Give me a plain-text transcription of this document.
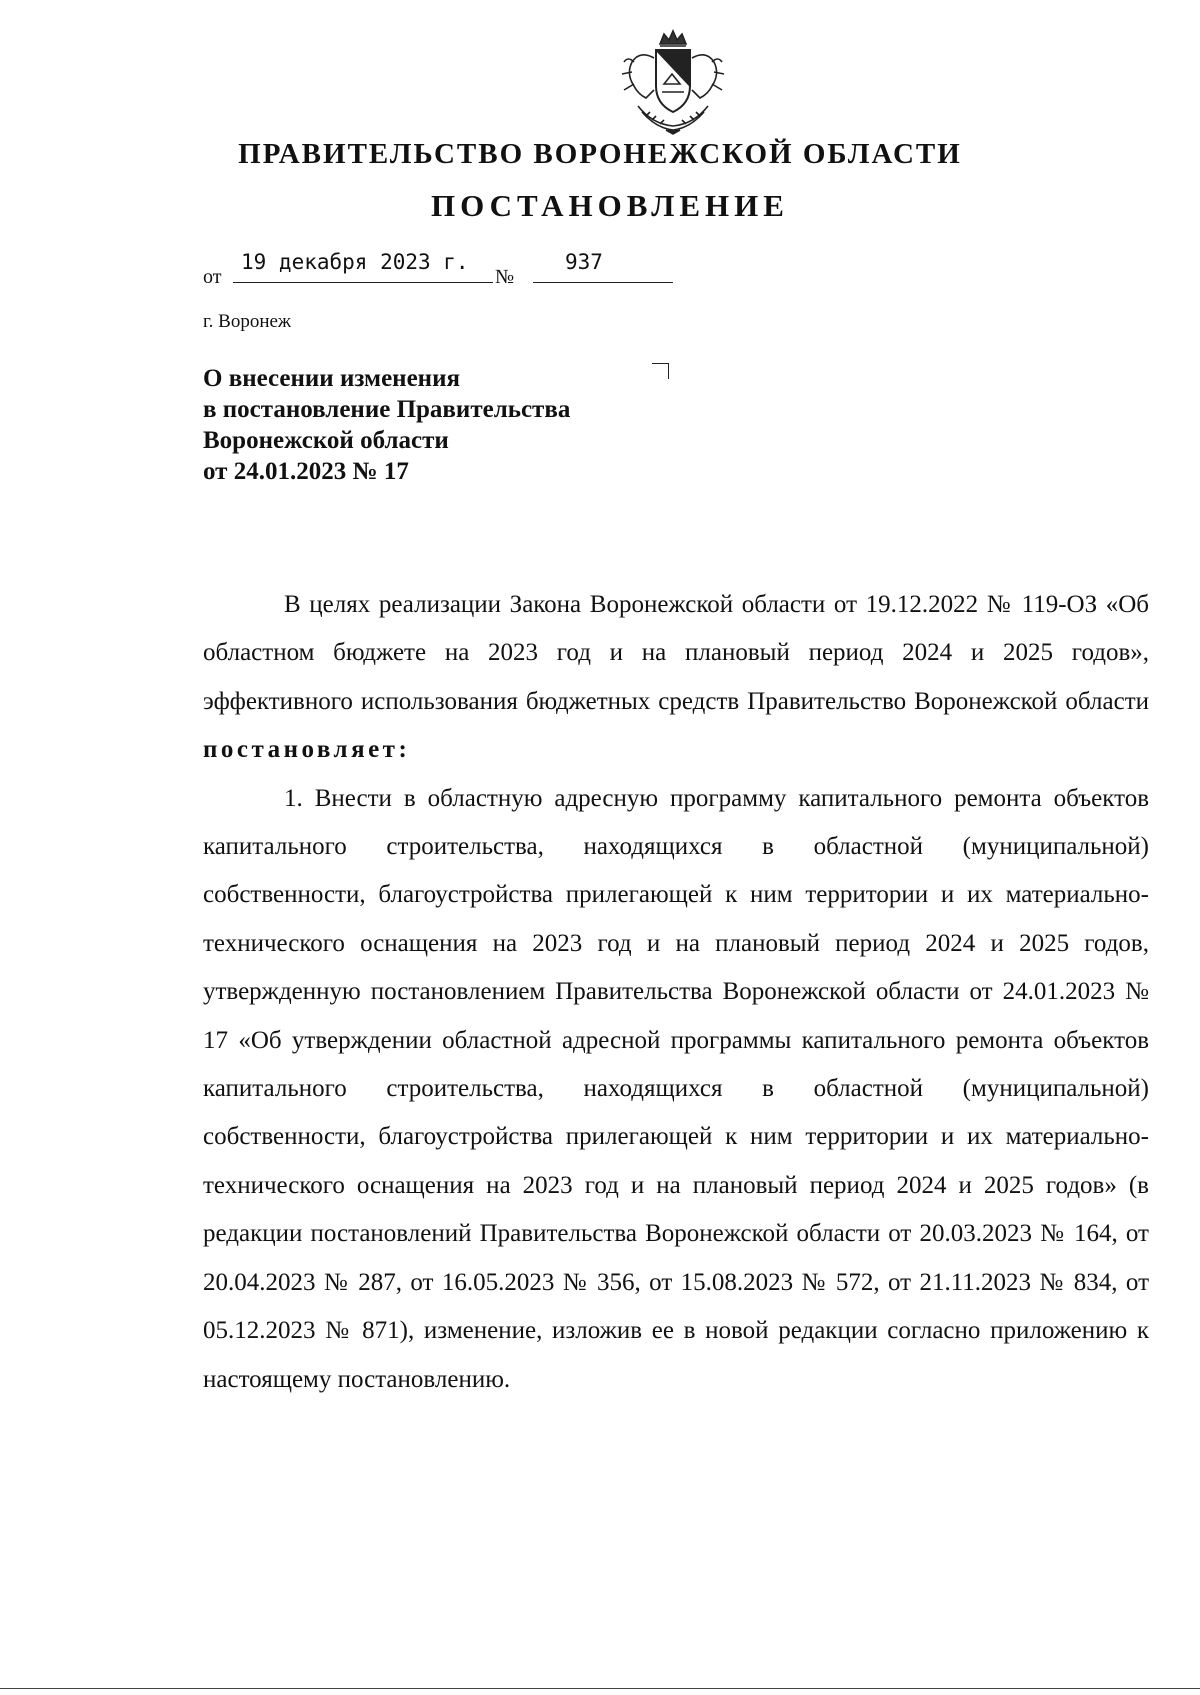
ПРАВИТЕЛЬСТВО ВОРОНЕЖСКОЙ ОБЛАСТИ
ПОСТАНОВЛЕНИЕ
от
19 декабря 2023 г.
№
937
г. Воронеж
О внесении изменения
в постановление Правительства
Воронежской области
от 24.01.2023 № 17

В целях реализации Закона Воронежской области от 19.12.2022 № 119-ОЗ «Об областном бюджете на 2023 год и на плановый период 2024 и 2025 годов», эффективного использования бюджетных средств Правительство Воронежской области постановляет:

1. Внести в областную адресную программу капитального ремонта объектов капитального строительства, находящихся в областной (муниципальной) собственности, благоустройства прилегающей к ним территории и их материально-технического оснащения на 2023 год и на плановый период 2024 и 2025 годов, утвержденную постановлением Правительства Воронежской области от 24.01.2023 № 17 «Об утверждении областной адресной программы капитального ремонта объектов капитального строительства, находящихся в областной (муниципальной) собственности, благоустройства прилегающей к ним территории и их материально-технического оснащения на 2023 год и на плановый период 2024 и 2025 годов» (в редакции постановлений Правительства Воронежской области от 20.03.2023 № 164, от 20.04.2023 № 287, от 16.05.2023 № 356, от 15.08.2023 № 572, от 21.11.2023 № 834, от 05.12.2023 № 871), изменение, изложив ее в новой редакции согласно приложению к настоящему постановлению.
